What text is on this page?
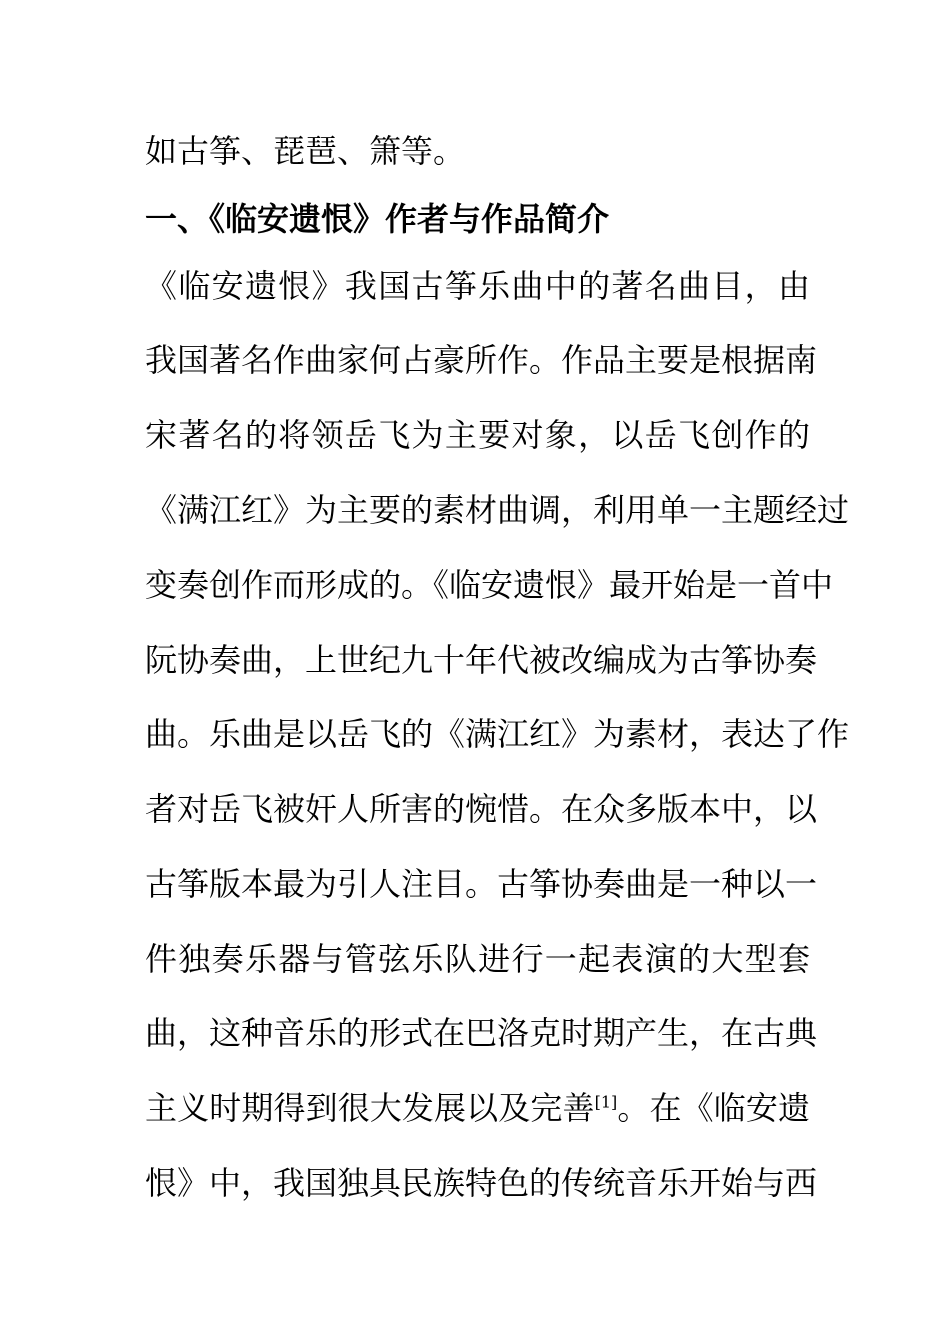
如古筝、琵琶、箫等。
一、《临安遗恨》作者与作品简介
《临安遗恨》我国古筝乐曲中的著名曲目，由
我国著名作曲家何占豪所作。作品主要是根据南
宋著名的将领岳飞为主要对象，以岳飞创作的
《满江红》为主要的素材曲调，利用单一主题经过
变奏创作而形成的。《临安遗恨》最开始是一首中
阮协奏曲，上世纪九十年代被改编成为古筝协奏
曲。乐曲是以岳飞的《满江红》为素材，表达了作
者对岳飞被奸人所害的惋惜。在众多版本中，以
古筝版本最为引人注目。古筝协奏曲是一种以一
件独奏乐器与管弦乐队进行一起表演的大型套
曲，这种音乐的形式在巴洛克时期产生，在古典
主义时期得到很大发展以及完善[1]。在《临安遗
恨》中，我国独具民族特色的传统音乐开始与西
